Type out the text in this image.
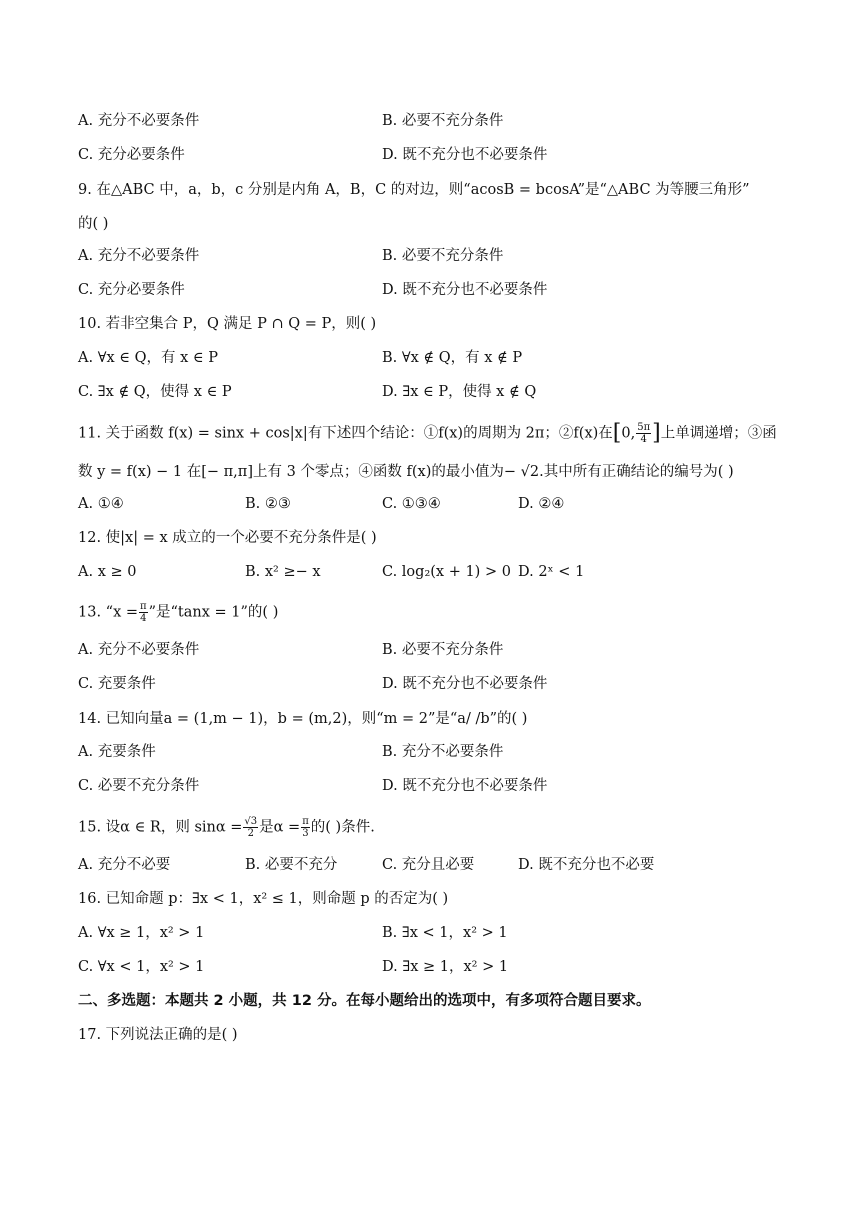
A. 充分不必要条件	B. 必要不充分条件
C. 充分必要条件	D. 既不充分也不必要条件
9. 在△ABC 中，a，b，c 分别是内角 A，B，C 的对边，则“acosB = bcosA”是“△ABC 为等腰三角形”
的( )
A. 充分不必要条件	B. 必要不充分条件
C. 充分必要条件	D. 既不充分也不必要条件
10. 若非空集合 P，Q 满足 P ∩ Q = P，则( )
A. ∀x ∈ Q，有 x ∈ P	B. ∀x ∉ Q，有 x ∉ P
C. ∃x ∉ Q，使得 x ∈ P	D. ∃x ∈ P，使得 x ∉ Q
11. 关于函数 f(x) = sinx + cos|x|有下述四个结论：①f(x)的周期为 2π；②f(x)在[0, $\frac{5\pi}{4}$ ]上单调递增；③函
数 y = f(x) − 1 在[− π,π]上有 3 个零点；④函数 f(x)的最小值为− √2.其中所有正确结论的编号为( )
A. ①④	B. ②③	C. ①③④	D. ②④
12. 使|x| = x 成立的一个必要不充分条件是( )
A. x ≥ 0	B. x² ≥− x	C. log₂(x + 1) > 0 D. 2ˣ < 1
13. “$x = \frac{\pi}{4}$ ”是“tanx = 1”的( )
A. 充分不必要条件	B. 必要不充分条件
C. 充要条件	D. 既不充分也不必要条件
14. 已知向量a = (1,m − 1)，b = (m,2)，则“m = 2”是“a/ /b”的( )
A. 充要条件	B. 充分不必要条件
C. 必要不充分条件	D. 既不充分也不必要条件
15. 设α ∈ R，则 $\sin\alpha = \frac{√3}{2}$ 是$\alpha = \frac{\pi}{3}$ 的( )条件.
A. 充分不必要	B. 必要不充分	C. 充分且必要	D. 既不充分也不必要
16. 已知命题 p：∃x < 1，x² ≤ 1，则命题 p 的否定为( )
A. ∀x ≥ 1，x² > 1	B. ∃x < 1，x² > 1
C. ∀x < 1，x² > 1	D. ∃x ≥ 1，x² > 1
二、多选题：本题共 2 小题，共 12 分。在每小题给出的选项中，有多项符合题目要求。
17. 下列说法正确的是( )
